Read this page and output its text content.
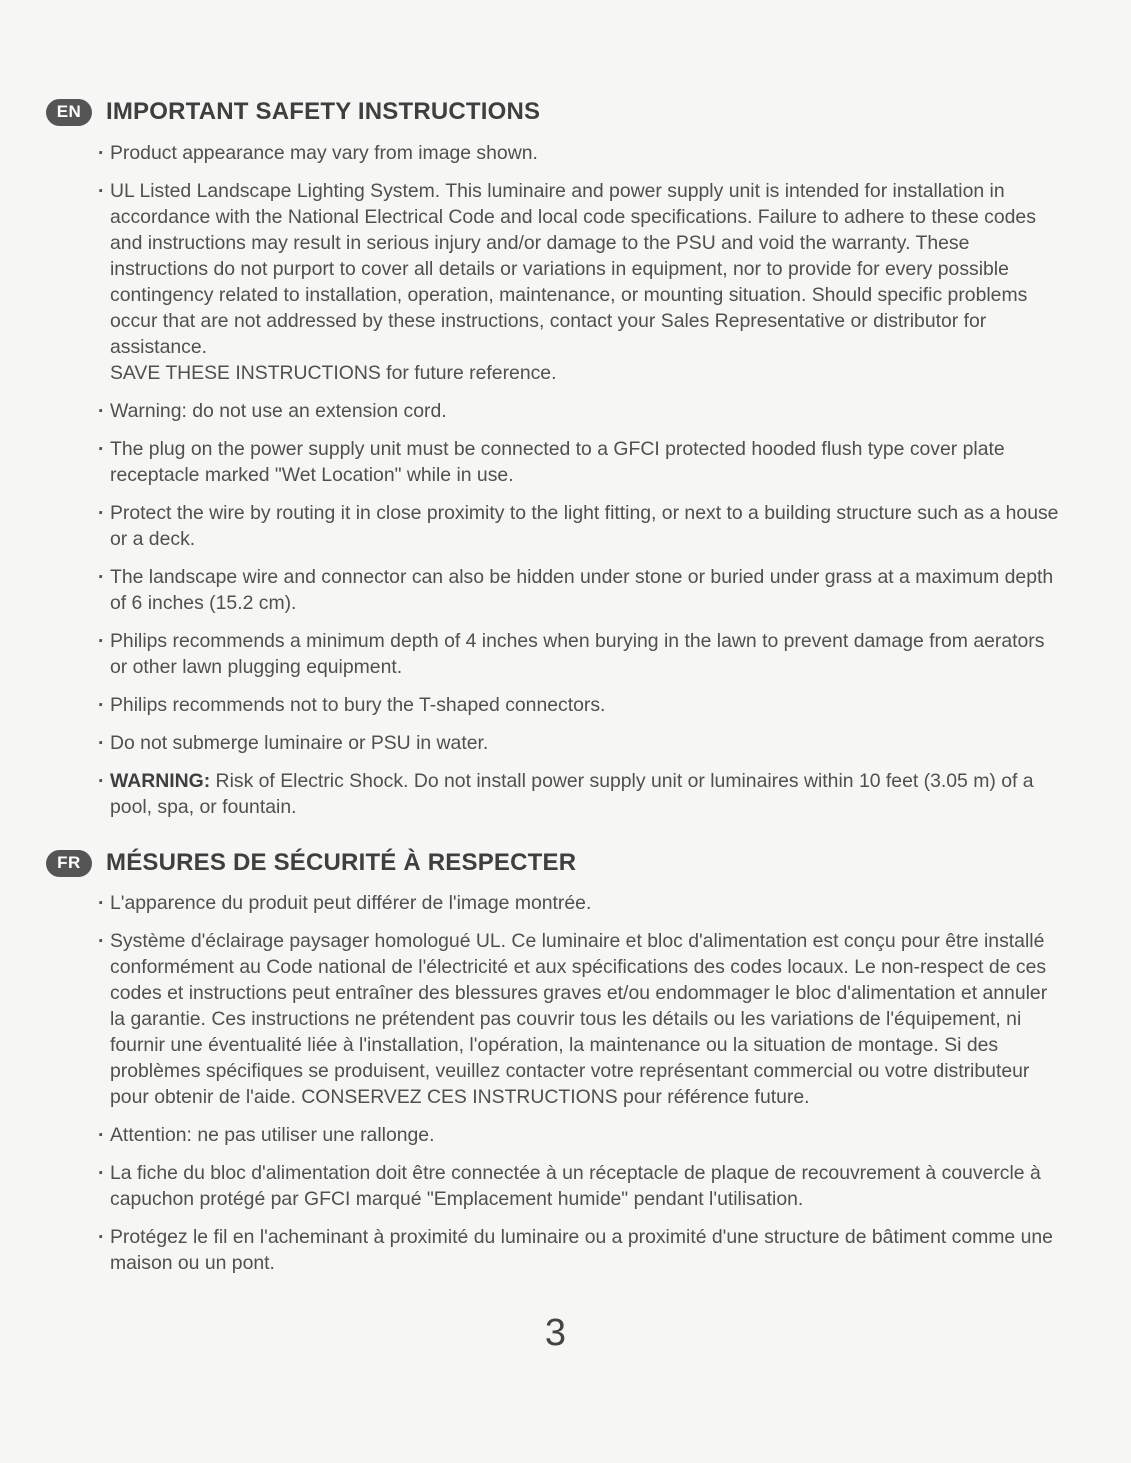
EN	IMPORTANT SAFETY INSTRUCTIONS
· Product appearance may vary from image shown.
· UL Listed Landscape Lighting System. This luminaire and power supply unit is intended for installation in accordance with the National Electrical Code and local code specifications. Failure to adhere to these codes and instructions may result in serious injury and/or damage to the PSU and void the warranty. These instructions do not purport to cover all details or variations in equipment, nor to provide for every possible contingency related to installation, operation, maintenance, or mounting situation. Should specific problems occur that are not addressed by these instructions, contact your Sales Representative or distributor for assistance.
SAVE THESE INSTRUCTIONS for future reference.
· Warning: do not use an extension cord.
· The plug on the power supply unit must be connected to a GFCI protected hooded flush type cover plate receptacle marked "Wet Location" while in use.
· Protect the wire by routing it in close proximity to the light fitting, or next to a building structure such as a house or a deck.
· The landscape wire and connector can also be hidden under stone or buried under grass at a maximum depth of 6 inches (15.2 cm).
· Philips recommends a minimum depth of 4 inches when burying in the lawn to prevent damage from aerators or other lawn plugging equipment.
· Philips recommends not to bury the T-shaped connectors.
· Do not submerge luminaire or PSU in water.
· WARNING: Risk of Electric Shock. Do not install power supply unit or luminaires within 10 feet (3.05 m) of a pool, spa, or fountain.
FR	MÉSURES DE SÉCURITÉ À RESPECTER
· L'apparence du produit peut différer de l'image montrée.
· Système d'éclairage paysager homologué UL. Ce luminaire et bloc d'alimentation est conçu pour être installé conformément au Code national de l'électricité et aux spécifications des codes locaux. Le non-respect de ces codes et instructions peut entraîner des blessures graves et/ou endommager le bloc d'alimentation et annuler la garantie. Ces instructions ne prétendent pas couvrir tous les détails ou les variations de l'équipement, ni fournir une éventualité liée à l'installation, l'opération, la maintenance ou la situation de montage. Si des problèmes spécifiques se produisent, veuillez contacter votre représentant commercial ou votre distributeur pour obtenir de l'aide. CONSERVEZ CES INSTRUCTIONS pour référence future.
· Attention: ne pas utiliser une rallonge.
· La fiche du bloc d'alimentation doit être connectée à un réceptacle de plaque de recouvrement à couvercle à capuchon protégé par GFCI marqué "Emplacement humide" pendant l'utilisation.
· Protégez le fil en l'acheminant à proximité du luminaire ou a proximité d'une structure de bâtiment comme une maison ou un pont.
3
